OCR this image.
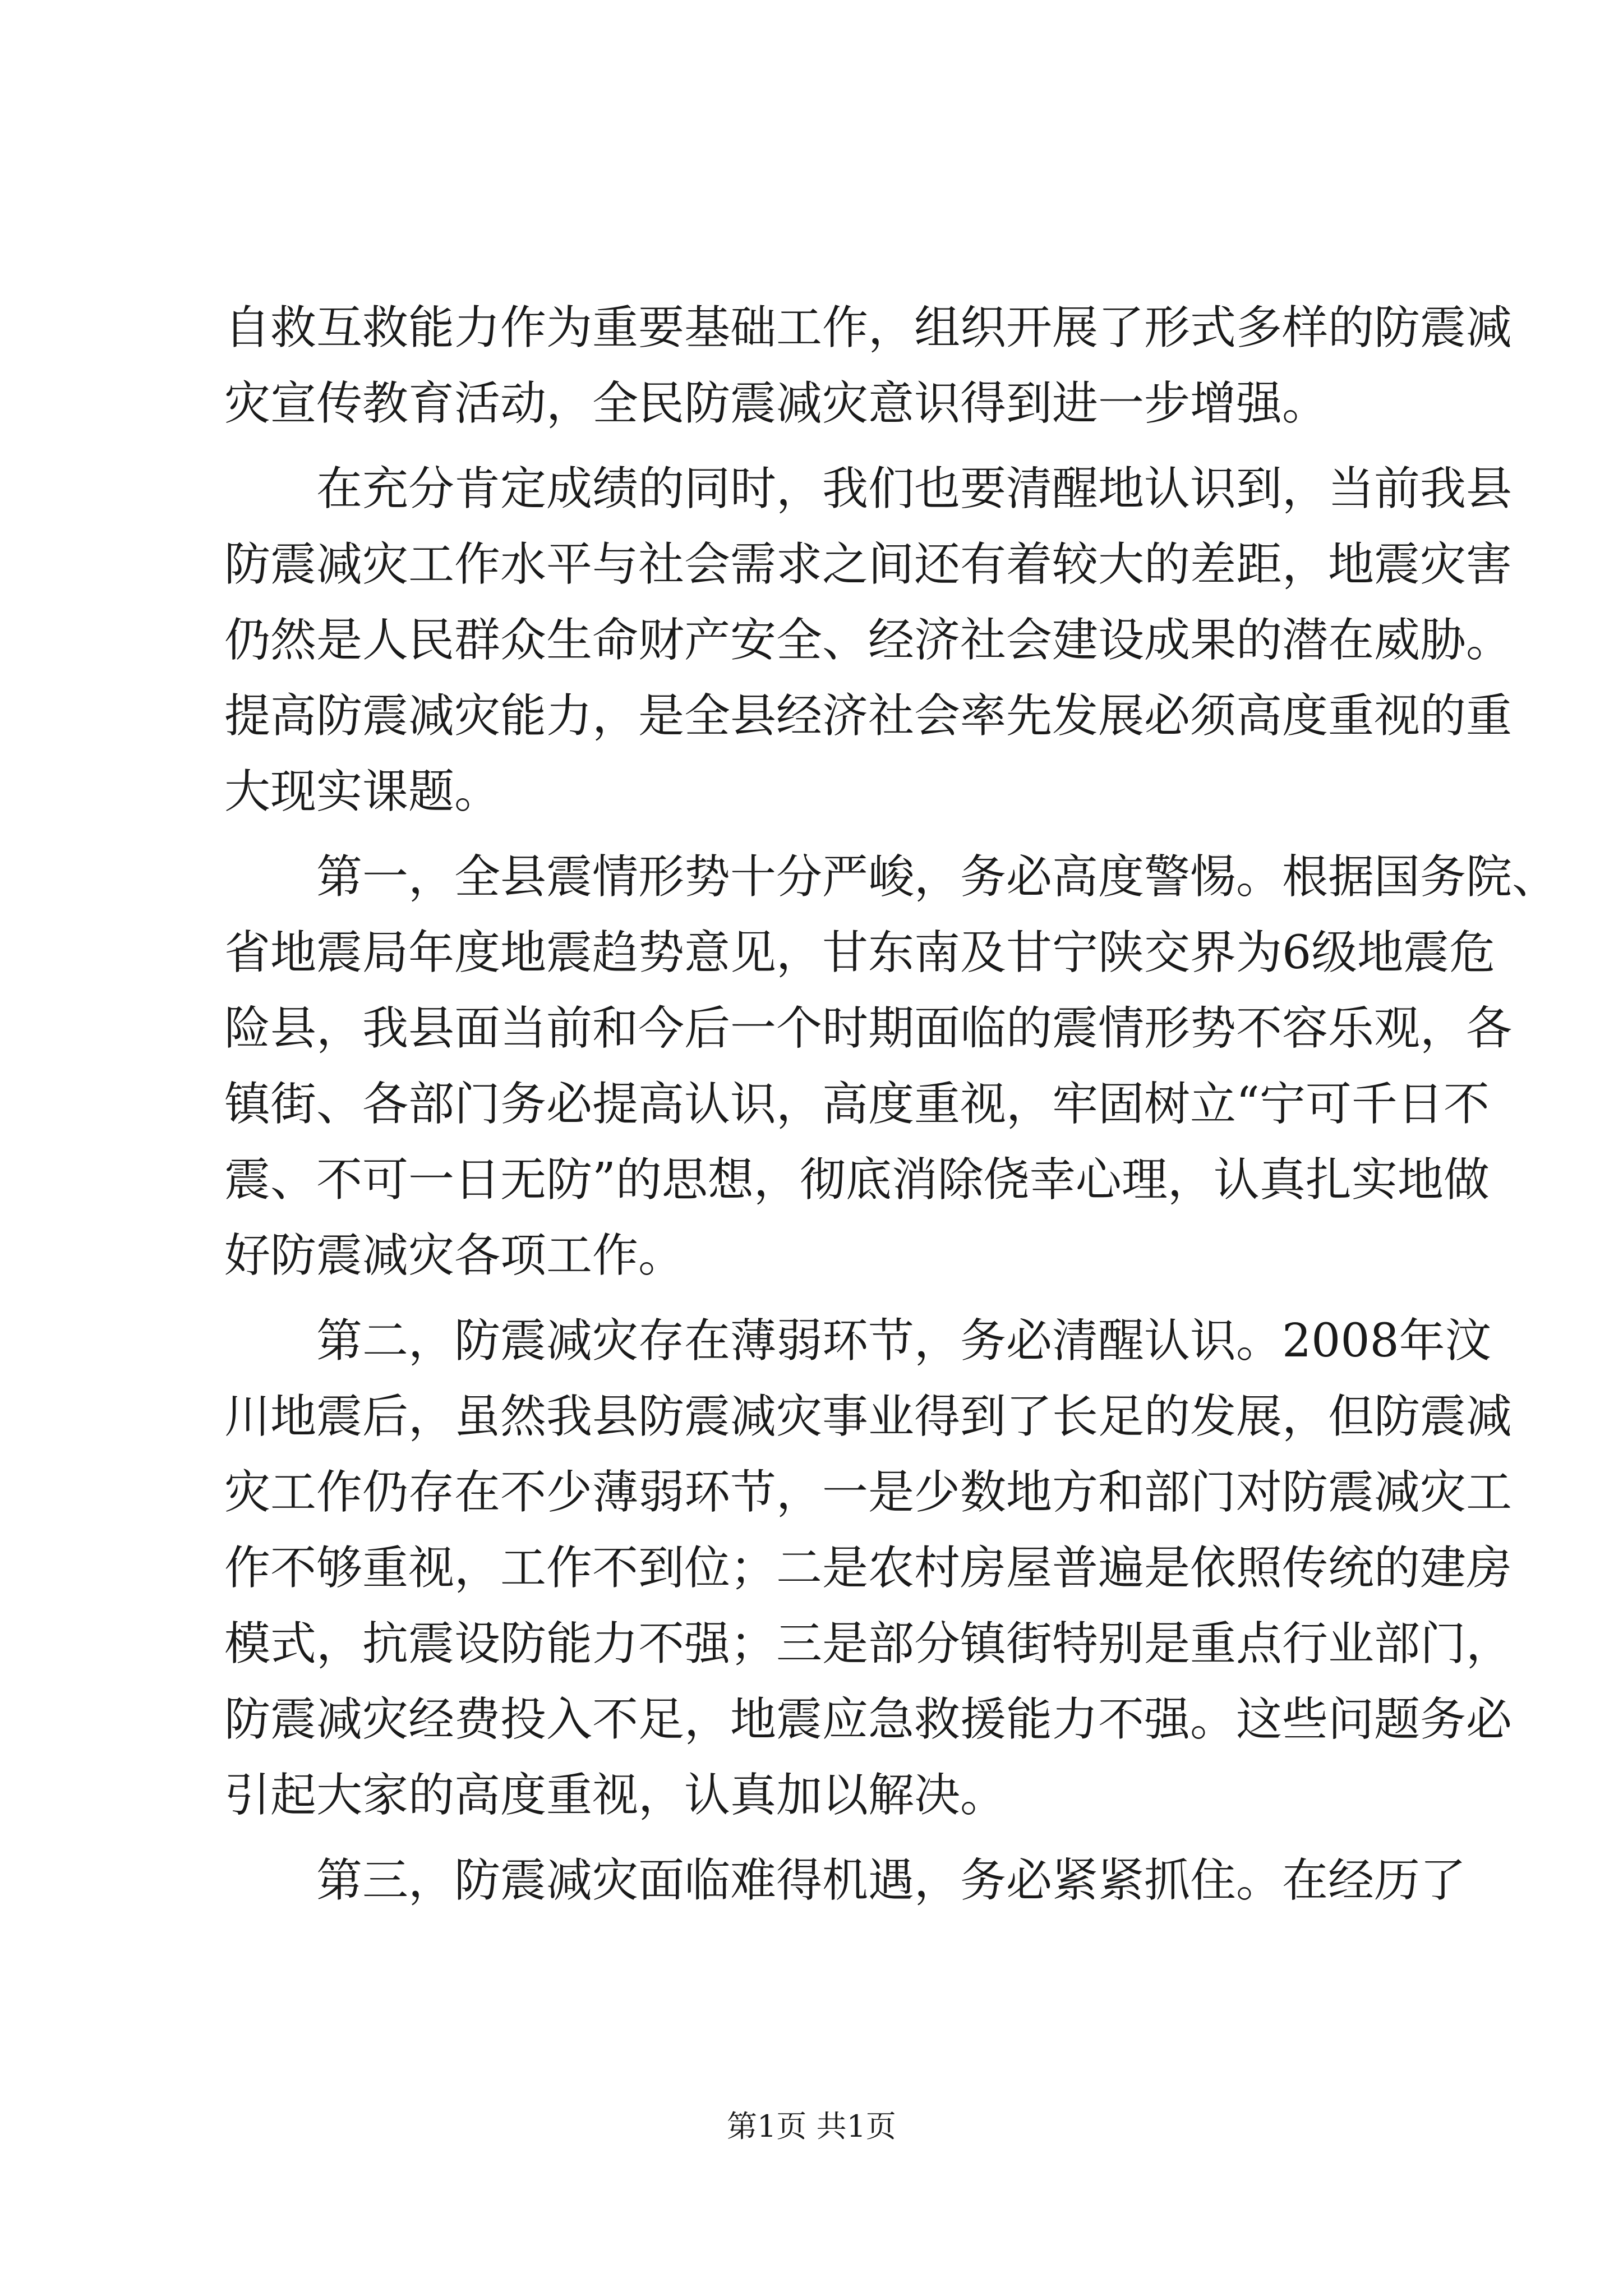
自救互救能力作为重要基础工作，组织开展了形式多样的防震减
灾宣传教育活动，全民防震减灾意识得到进一步增强。
在充分肯定成绩的同时，我们也要清醒地认识到，当前我县
防震减灾工作水平与社会需求之间还有着较大的差距，地震灾害
仍然是人民群众生命财产安全、经济社会建设成果的潜在威胁。
提高防震减灾能力，是全县经济社会率先发展必须高度重视的重
大现实课题。
第一，全县震情形势十分严峻，务必高度警惕。根据国务院、
省地震局年度地震趋势意见，甘东南及甘宁陕交界为6级地震危
险县，我县面当前和今后一个时期面临的震情形势不容乐观，各
镇街、各部门务必提高认识，高度重视，牢固树立“宁可千日不
震、不可一日无防”的思想，彻底消除侥幸心理，认真扎实地做
好防震减灾各项工作。
第二，防震减灾存在薄弱环节，务必清醒认识。2008年汶
川地震后，虽然我县防震减灾事业得到了长足的发展，但防震减
灾工作仍存在不少薄弱环节，一是少数地方和部门对防震减灾工
作不够重视，工作不到位；二是农村房屋普遍是依照传统的建房
模式，抗震设防能力不强；三是部分镇街特别是重点行业部门，
防震减灾经费投入不足，地震应急救援能力不强。这些问题务必
引起大家的高度重视，认真加以解决。
第三，防震减灾面临难得机遇，务必紧紧抓住。在经历了
第1页 共1页
